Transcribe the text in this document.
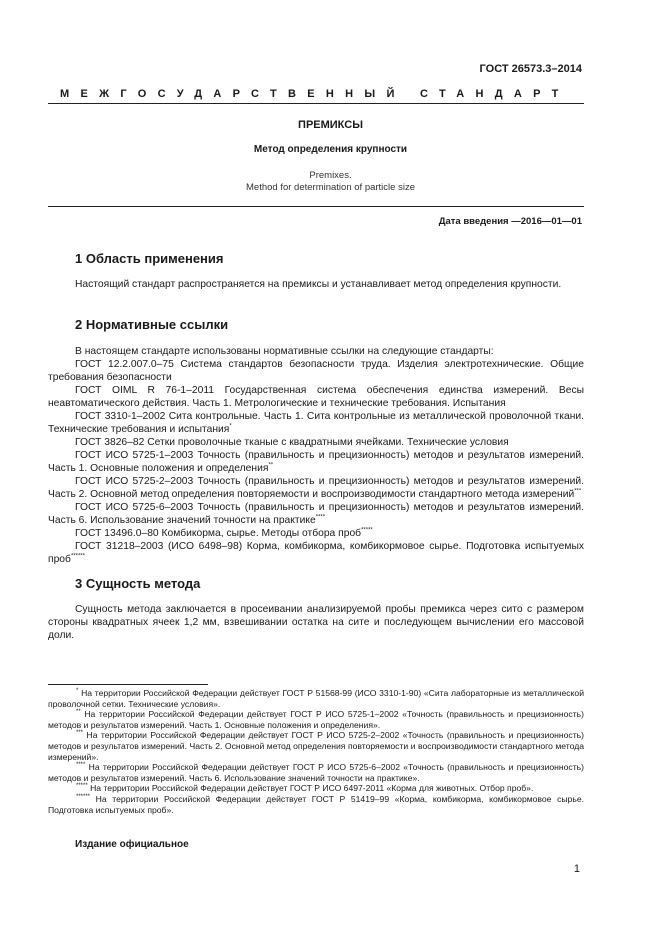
ГОСТ 26573.3–2014
МЕЖГОСУДАРСТВЕННЫЙ СТАНДАРТ
ПРЕМИКСЫ
Метод определения крупности
Premixes.
Method for determination of particle size
Дата введения —2016—01—01
1 Область применения

Настоящий стандарт распространяется на премиксы и устанавливает метод определения крупности.

2 Нормативные ссылки

В настоящем стандарте использованы нормативные ссылки на следующие стандарты:

ГОСТ 12.2.007.0–75 Система стандартов безопасности труда. Изделия электротехнические. Общие требования безопасности

ГОСТ OIML R 76-1–2011 Государственная система обеспечения единства измерений. Весы неавтоматического действия. Часть 1. Метрологические и технические требования. Испытания

ГОСТ 3310-1–2002 Сита контрольные. Часть 1. Сита контрольные из металлической проволочной ткани. Технические требования и испытания*

ГОСТ 3826–82 Сетки проволочные тканые с квадратными ячейками. Технические условия

ГОСТ ИСО 5725-1–2003 Точность (правильность и прецизионность) методов и результатов измерений. Часть 1. Основные положения и определения**

ГОСТ ИСО 5725-2–2003 Точность (правильность и прецизионность) методов и результатов измерений. Часть 2. Основной метод определения повторяемости и воспроизводимости стандартного метода измерений***

ГОСТ ИСО 5725-6–2003 Точность (правильность и прецизионность) методов и результатов измерений. Часть 6. Использование значений точности на практике****

ГОСТ 13496.0–80 Комбикорма, сырье. Методы отбора проб*****

ГОСТ 31218–2003 (ИСО 6498–98) Корма, комбикорма, комбикормовое сырье. Подготовка испытуемых проб******

3 Сущность метода

Сущность метода заключается в просеивании анализируемой пробы премикса через сито с размером стороны квадратных ячеек 1,2 мм, взвешивании остатка на сите и последующем вычислении его массовой доли.

* На территории Российской Федерации действует ГОСТ Р 51568-99 (ИСО 3310-1-90) «Сита лабораторные из металлической проволочной сетки. Технические условия».

** На территории Российской Федерации действует ГОСТ Р ИСО 5725-1–2002 «Точность (правильность и прецизионность) методов и результатов измерений. Часть 1. Основные положения и определения».

*** На территории Российской Федерации действует ГОСТ Р ИСО 5725-2–2002 «Точность (правильность и прецизионность) методов и результатов измерений. Часть 2. Основной метод определения повторяемости и воспроизводимости стандартного метода измерений».

**** На территории Российской Федерации действует ГОСТ Р ИСО 5725-6–2002 «Точность (правильность и прецизионность) методов и результатов измерений. Часть 6. Использование значений точности на практике».

***** На территории Российской Федерации действует ГОСТ Р ИСО 6497-2011 «Корма для животных. Отбор проб».

****** На территории Российской Федерации действует ГОСТ Р 51419–99 «Корма, комбикорма, комбикормовое сырье. Подготовка испытуемых проб».

Издание официальное
1
